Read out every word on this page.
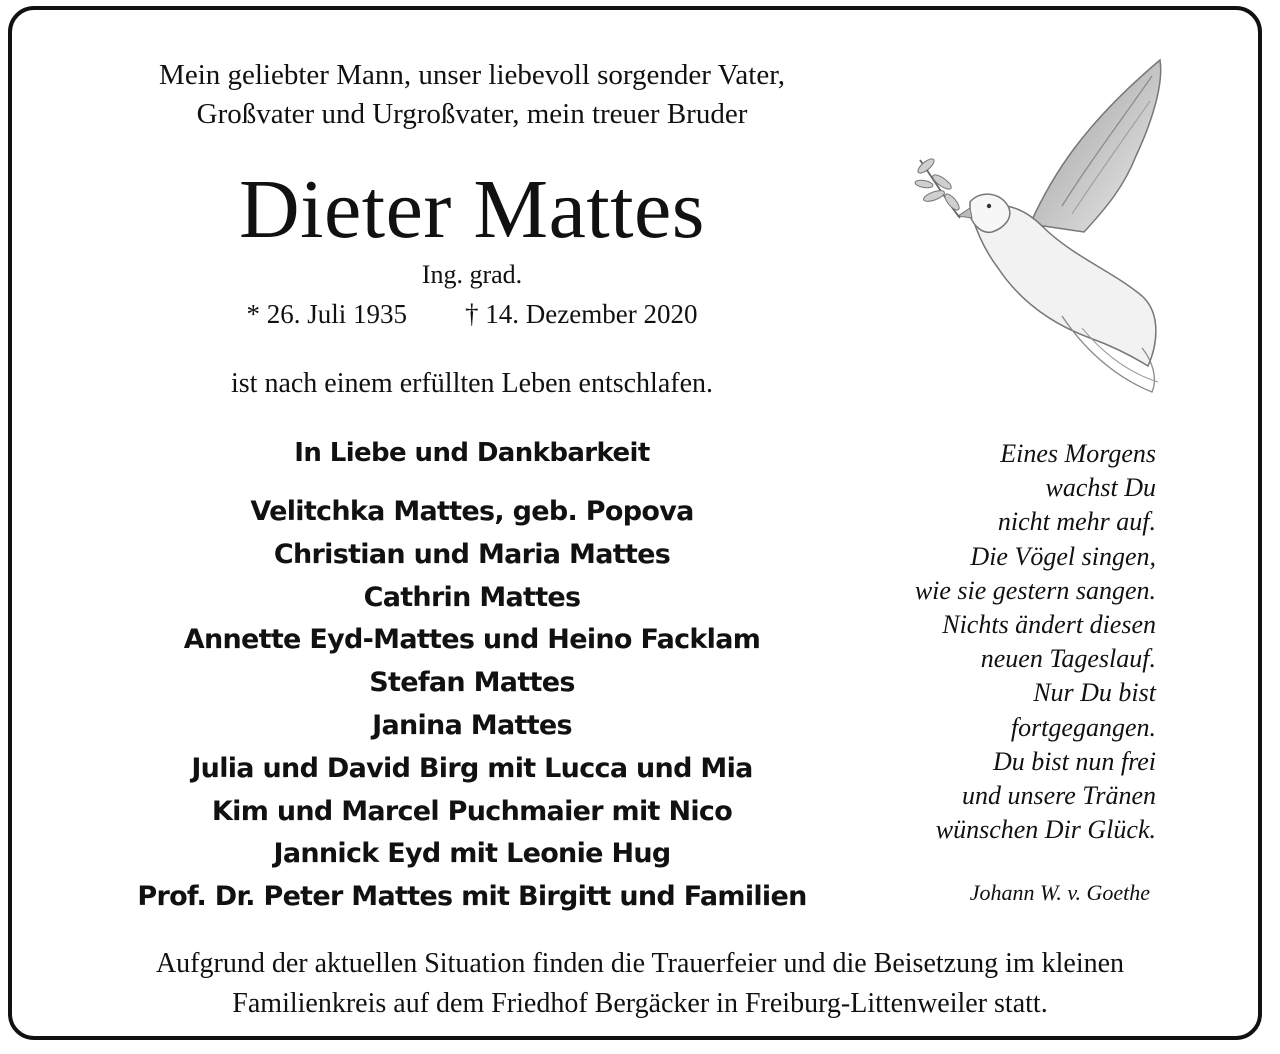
Mein geliebter Mann, unser liebevoll sorgender Vater,
Großvater und Urgroßvater, mein treuer Bruder
Dieter Mattes
Ing. grad.
* 26. Juli 1935 † 14. Dezember 2020
ist nach einem erfüllten Leben entschlafen.
In Liebe und Dankbarkeit
Velitchka Mattes, geb. Popova
Christian und Maria Mattes
Cathrin Mattes
Annette Eyd-Mattes und Heino Facklam
Stefan Mattes
Janina Mattes
Julia und David Birg mit Lucca und Mia
Kim und Marcel Puchmaier mit Nico
Jannick Eyd mit Leonie Hug
Prof. Dr. Peter Mattes mit Birgitt und Familien
Eines Morgens
wachst Du
nicht mehr auf.
Die Vögel singen,
wie sie gestern sangen.
Nichts ändert diesen
neuen Tageslauf.
Nur Du bist
fortgegangen.
Du bist nun frei
und unsere Tränen
wünschen Dir Glück.
Johann W. v. Goethe
Aufgrund der aktuellen Situation finden die Trauerfeier und die Beisetzung im kleinen
Familienkreis auf dem Friedhof Bergäcker in Freiburg-Littenweiler statt.
